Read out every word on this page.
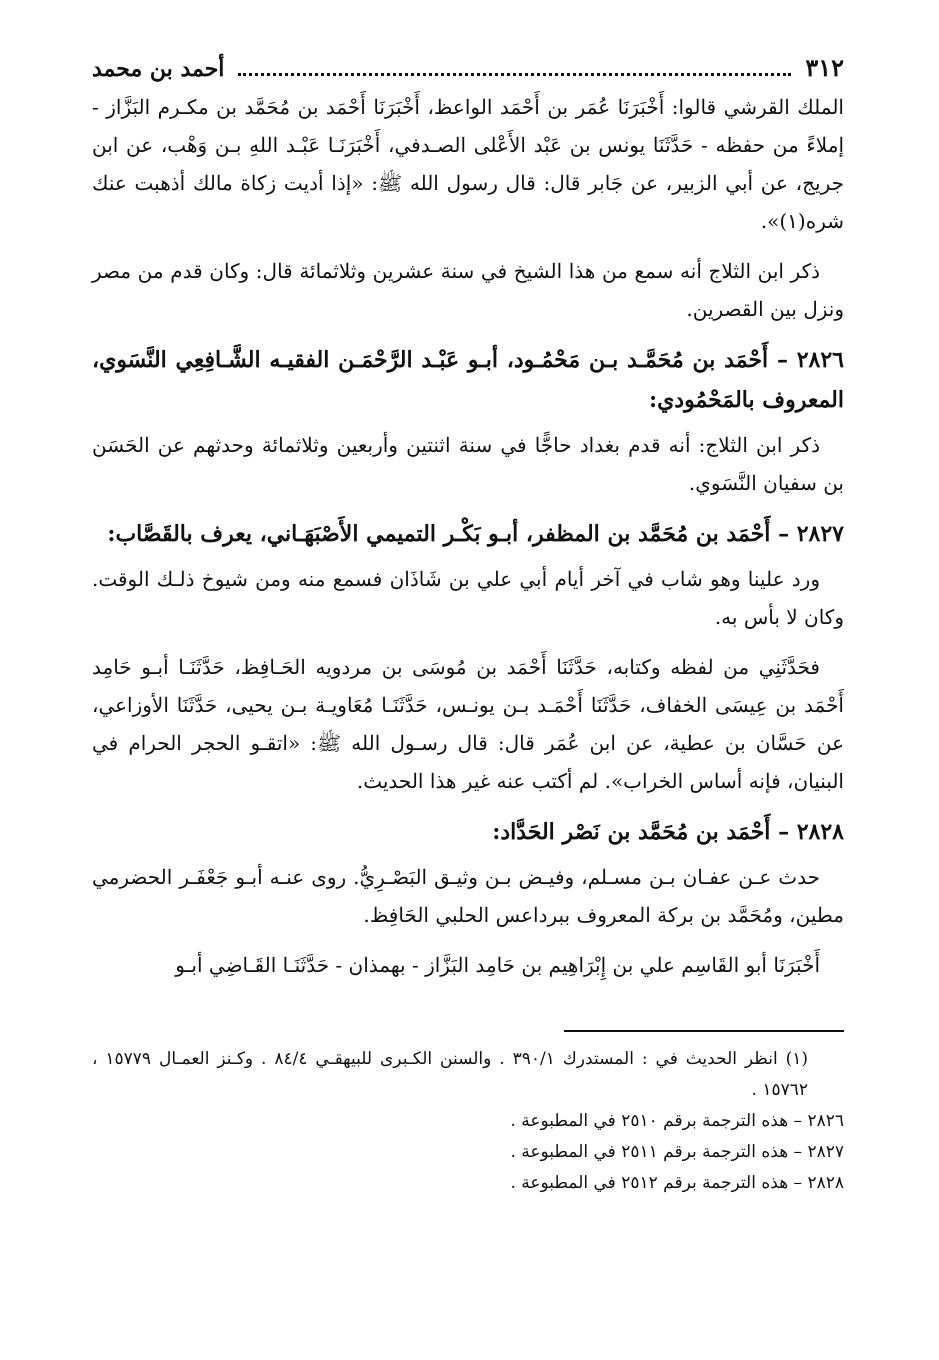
٣١٢
أحمد بن محمد

الملك القرشي قالوا: أَخْبَرَنَا عُمَر بن أَحْمَد الواعظ، أَخْبَرَنَا أَحْمَد بن مُحَمَّد بن مكـرم البَزَّاز - إملاءً من حفظه - حَدَّثَنَا يونس بن عَبْد الأَعْلى الصـدفي، أَخْبَرَنَـا عَبْـد اللهِ بـن وَهْب، عن ابن جريج، عن أبي الزبير، عن جَابر قال: قال رسول الله ﷺ: «إذا أديت زكاة مالك أذهبت عنك شره(١)».

ذكر ابن الثلاج أنه سمع من هذا الشيخ في سنة عشرين وثلاثمائة قال: وكان قدم من مصر ونزل بين القصرين.

٢٨٢٦ – أَحْمَد بن مُحَمَّـد بـن مَحْمُـود، أبـو عَبْـد الرَّحْمَـن الفقيـه الشَّـافِعِي النَّسَوي، المعروف بالمَحْمُودي:

ذكر ابن الثلاج: أنه قدم بغداد حاجًّا في سنة اثنتين وأربعين وثلاثمائة وحدثهم عن الحَسَن بن سفيان النَّسَوي.

٢٨٢٧ – أَحْمَد بن مُحَمَّد بن المظفر، أبـو بَكْـر التميمي الأَصْبَهَـاني، يعرف بالقَصَّاب:

ورد علينا وهو شاب في آخر أيام أبي علي بن شَاذَان فسمع منه ومن شيوخ ذلـك الوقت. وكان لا بأس به.

فحَدَّثَنِي من لفظه وكتابه، حَدَّثَنَا أَحْمَد بن مُوسَى بن مردويه الحَـافِظ، حَدَّثَنَـا أبـو حَامِد أَحْمَد بن عِيسَى الخفاف، حَدَّثَنَا أَحْمَـد بـن يونـس، حَدَّثَنَـا مُعَاويـة بـن يحيى، حَدَّثَنَا الأوزاعي، عن حَسَّان بن عطية، عن ابن عُمَر قال: قال رسـول الله ﷺ: «اتقـو الحجر الحرام في البنيان، فإنه أساس الخراب». لم أكتب عنه غير هذا الحديث.

٢٨٢٨ – أَحْمَد بن مُحَمَّد بن نَصْر الحَدَّاد:

حدث عـن عفـان بـن مسـلم، وفيـض بـن وثيـق البَصْـرِيُّ. روى عنـه أبـو جَعْفَـر الحضرمي مطين، ومُحَمَّد بن بركة المعروف ببرداعس الحلبي الحَافِظ.

أَخْبَرَنَا أبو القَاسِم علي بن إِبْرَاهِيم بن حَامِد البَزَّاز - بهمذان - حَدَّثَنَـا القَـاضِي أبـو

(١) انظر الحديث في : المستدرك ٣٩٠/١ . والسنن الكـبرى للبيهقـي ٨٤/٤ . وكـنز العمـال ١٥٧٧٩ ، ١٥٧٦٢ .

٢٨٢٦ – هذه الترجمة برقم ٢٥١٠ في المطبوعة .

٢٨٢٧ – هذه الترجمة برقم ٢٥١١ في المطبوعة .

٢٨٢٨ – هذه الترجمة برقم ٢٥١٢ في المطبوعة .
